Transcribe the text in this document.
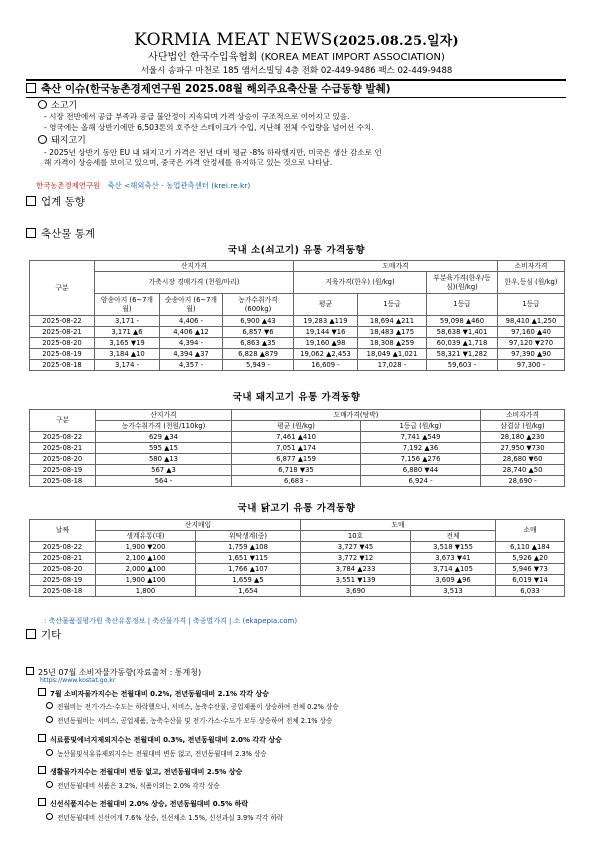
KORMIA MEAT NEWS(2025.08.25.일자)
사단법인 한국수입육협회 (KOREA MEAT IMPORT ASSOCIATION)
서울시 송파구 마천로 185 앰서스빌딩 4층 전화 02-449-9486 팩스 02-449-9488
축산 이슈(한국농촌경제연구원 2025.08월 해외주요축산물 수급동향 발췌)
소고기
- 시장 전반에서 공급 부족과 공급 불안정이 지속되며 가격 상승이 구조적으로 이어지고 있음.
- 영국에는 올해 상반기에만 6,503톤의 호주산 스테이크가 수입, 지난해 전체 수입량을 넘어선 수치.
돼지고기
- 2025년 상반기 동안 EU 내 돼지고기 가격은 전년 대비 평균 -8% 하락했지만, 미국은 생산 감소로 인
해 가격이 상승세를 보이고 있으며, 중국은 가격 안정세를 유지하고 있는 것으로 나타남.
한국농촌경제연구원 축산 <해외축산 - 농업관측센터 (krei.re.kr)
업계 동향
축산물 통계
국내 소(쇠고기) 유통 가격동향
구분	산지가격			도매가격			소비자가격
	가축시장 경매가격 (천원/마리)			지육가격(한우) (원/kg)		부분육가격(한우/등심)(원/kg)	한우,등심 (원/kg)
	암송아지 (6~7개월)	숫송아지 (6~7개월)	농가수취가격 (600kg)	평균	1등급	1등급	1등급
2025-08-22	3,171 -	4,406 -	6,900 ▲43	19,283 ▲119	18,694 ▲211	59,098 ▲460	98,410 ▲1,250
2025-08-21	3,171 ▲6	4,406 ▲12	6,857 ▼6	19,144 ▼16	18,483 ▲175	58,638 ▼1,401	97,160 ▲40
2025-08-20	3,165 ▼19	4,394 -	6,863 ▲35	19,160 ▲98	18,308 ▲259	60,039 ▲1,718	97,120 ▼270
2025-08-19	3,184 ▲10	4,394 ▲37	6,828 ▲879	19,062 ▲2,453	18,049 ▲1,021	58,321 ▼1,282	97,390 ▲90
2025-08-18	3,174 -	4,357 -	5,949 -	16,609 -	17,028 -	59,603 -	97,300 -
국내 돼지고기 유통 가격동향
구분	산지가격	도매가격(탕박)		소비자가격
	농가수취가격 (천원/110kg)	평균 (원/kg)	1등급 (원/kg)	삼겹살 (원/kg)
2025-08-22	629 ▲34	7,461 ▲410	7,741 ▲549	28,180 ▲230
2025-08-21	595 ▲15	7,051 ▲174	7,192 ▲36	27,950 ▼730
2025-08-20	580 ▲13	6,877 ▲159	7,156 ▲276	28,680 ▼60
2025-08-19	567 ▲3	6,718 ▼35	6,880 ▼44	28,740 ▲50
2025-08-18	564 -	6,683 -	6,924 -	28,690 -
국내 닭고기 유통 가격동향
날짜	산지매입		도매		소매
	생계유통(대)	위탁생계(중)	10호	전체	
2025-08-22	1,900 ▼200	1,759 ▲108	3,727 ▼45	3,518 ▼155	6,110 ▲184
2025-08-21	2,100 ▲100	1,651 ▼115	3,772 ▼12	3,673 ▼41	5,926 ▲20
2025-08-20	2,000 ▲100	1,766 ▲107	3,784 ▲233	3,714 ▲105	5,946 ▼73
2025-08-19	1,900 ▲100	1,659 ▲5	3,551 ▼139	3,609 ▲96	6,019 ▼14
2025-08-18	1,800	1,654	3,690	3,513	6,033
: 축산물품질평가원 축산유통정보 | 축산물가격 | 축종별가격 | 소 (ekapepia.com)
기타
25년 07월 소비자물가동향(자료출처 : 통계청)
https://www.kostat.go.kr
7월 소비자물가지수는 전월대비 0.2%, 전년동월대비 2.1% 각각 상승
전월비는 전기·가스·수도는 하락했으나, 서비스, 농축수산물, 공업제품이 상승하여 전체 0.2% 상승
전년동월비는 서비스, 공업제품, 농축수산물 및 전기·가스·수도가 모두 상승하여 전체 2.1% 상승
식료품및에너지제외지수는 전월대비 0.3%, 전년동월대비 2.0% 각각 상승
농산물및석유류제외지수는 전월대비 변동 없고, 전년동월대비 2.3% 상승
생활물가지수는 전월대비 변동 없고, 전년동월대비 2.5% 상승
전년동월대비 식품은 3.2%, 식품이외는 2.0% 각각 상승
신선식품지수는 전월대비 2.0% 상승, 전년동월대비 0.5% 하락
전년동월대비 신선어개 7.6% 상승, 신선채소 1.5%, 신선과실 3.9% 각각 하락
